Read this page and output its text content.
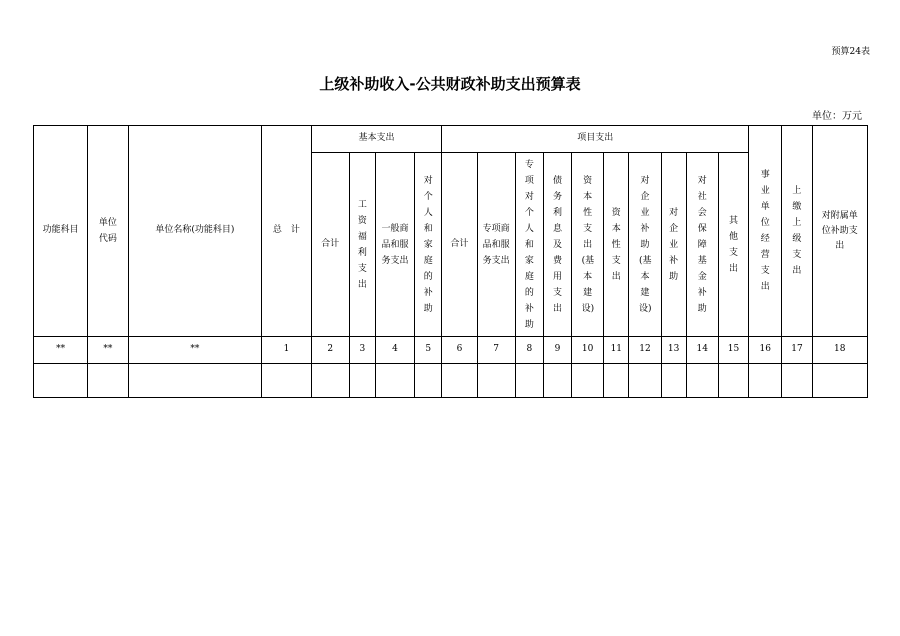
预算24表
上级补助收入-公共财政补助支出预算表
单位：万元
功能科目	单位代码	单位名称(功能科目)	总　计	基本支出				项目支出										事业单位经营支出	上缴上级支出	对附属单位补助支出
				合计	工资福利支出	一般商品和服务支出	对个人和家庭的补助	合计	专项商品和服务支出	专项对个人和家庭的补助	债务利息及费用支出	资本性支出(基本建设)	资本性支出	对企业补助(基本建设)	对企业补助	对社会保障基金补助	其他支出			
**	**	**	1	2	3	4	5	6	7	8	9	10	11	12	13	14	15	16	17	18
